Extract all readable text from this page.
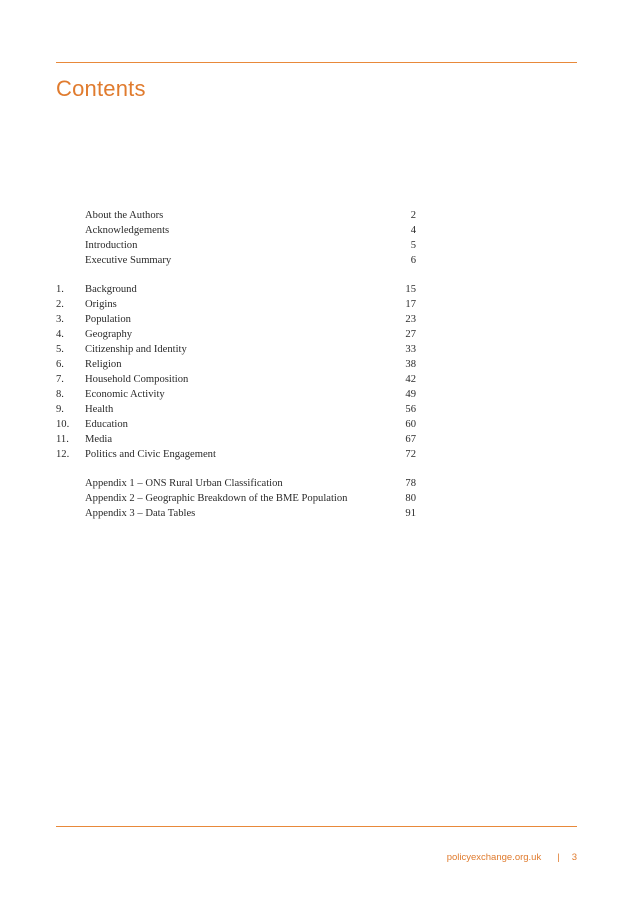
Contents
About the Authors	2
Acknowledgements	4
Introduction	5
Executive Summary	6
1.	Background	15
2.	Origins	17
3.	Population	23
4.	Geography	27
5.	Citizenship and Identity	33
6.	Religion	38
7.	Household Composition	42
8.	Economic Activity	49
9.	Health	56
10.	Education	60
11.	Media	67
12.	Politics and Civic Engagement	72
Appendix 1 – ONS Rural Urban Classification	78
Appendix 2 – Geographic Breakdown of the BME Population	80
Appendix 3 – Data Tables	91
policyexchange.org.uk | 3
